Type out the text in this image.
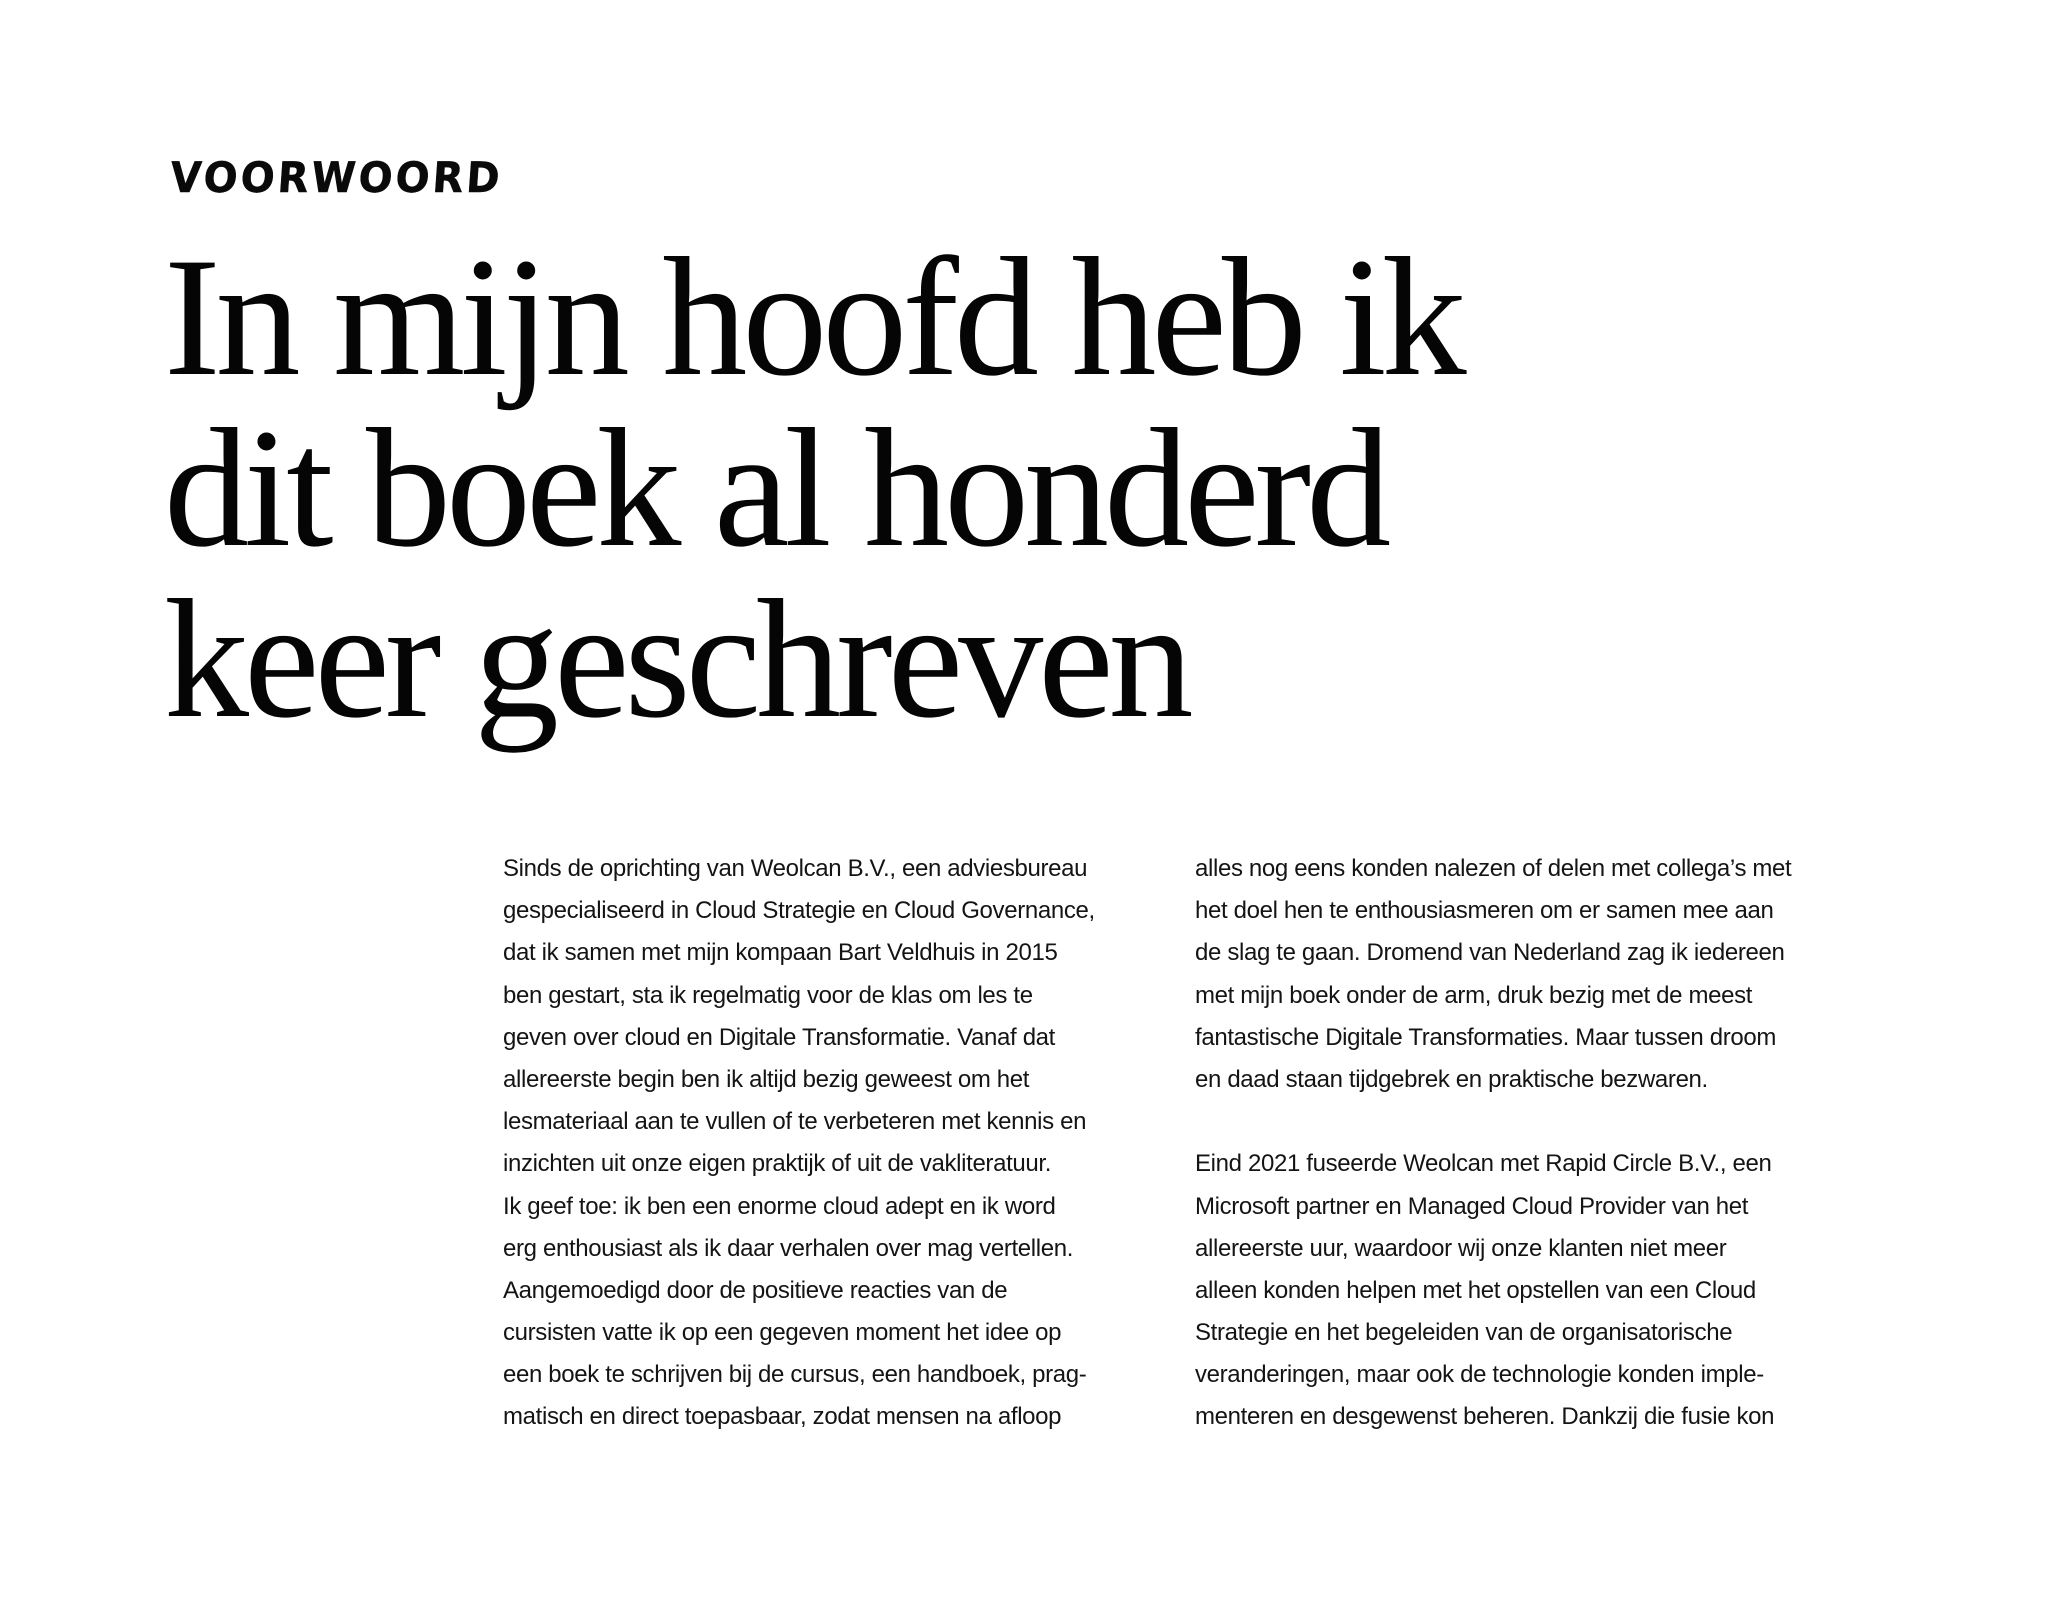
VOORWOORD
In mijn hoofd heb ik
dit boek al honderd
keer geschreven
Sinds de oprichting van Weolcan B.V., een adviesbureau
gespecialiseerd in Cloud Strategie en Cloud Governance,
dat ik samen met mijn kompaan Bart Veldhuis in 2015
ben gestart, sta ik regelmatig voor de klas om les te
geven over cloud en Digitale Transformatie. Vanaf dat
allereerste begin ben ik altijd bezig geweest om het
lesmateriaal aan te vullen of te verbeteren met kennis en
inzichten uit onze eigen praktijk of uit de vakliteratuur.
Ik geef toe: ik ben een enorme cloud adept en ik word
erg enthousiast als ik daar verhalen over mag vertellen.
Aangemoedigd door de positieve reacties van de
cursisten vatte ik op een gegeven moment het idee op
een boek te schrijven bij de cursus, een handboek, prag-
matisch en direct toepasbaar, zodat mensen na afloop
alles nog eens konden nalezen of delen met collega’s met
het doel hen te enthousiasmeren om er samen mee aan
de slag te gaan. Dromend van Nederland zag ik iedereen
met mijn boek onder de arm, druk bezig met de meest
fantastische Digitale Transformaties. Maar tussen droom
en daad staan tijdgebrek en praktische bezwaren.
Eind 2021 fuseerde Weolcan met Rapid Circle B.V., een
Microsoft partner en Managed Cloud Provider van het
allereerste uur, waardoor wij onze klanten niet meer
alleen konden helpen met het opstellen van een Cloud
Strategie en het begeleiden van de organisatorische
veranderingen, maar ook de technologie konden imple-
menteren en desgewenst beheren. Dankzij die fusie kon
